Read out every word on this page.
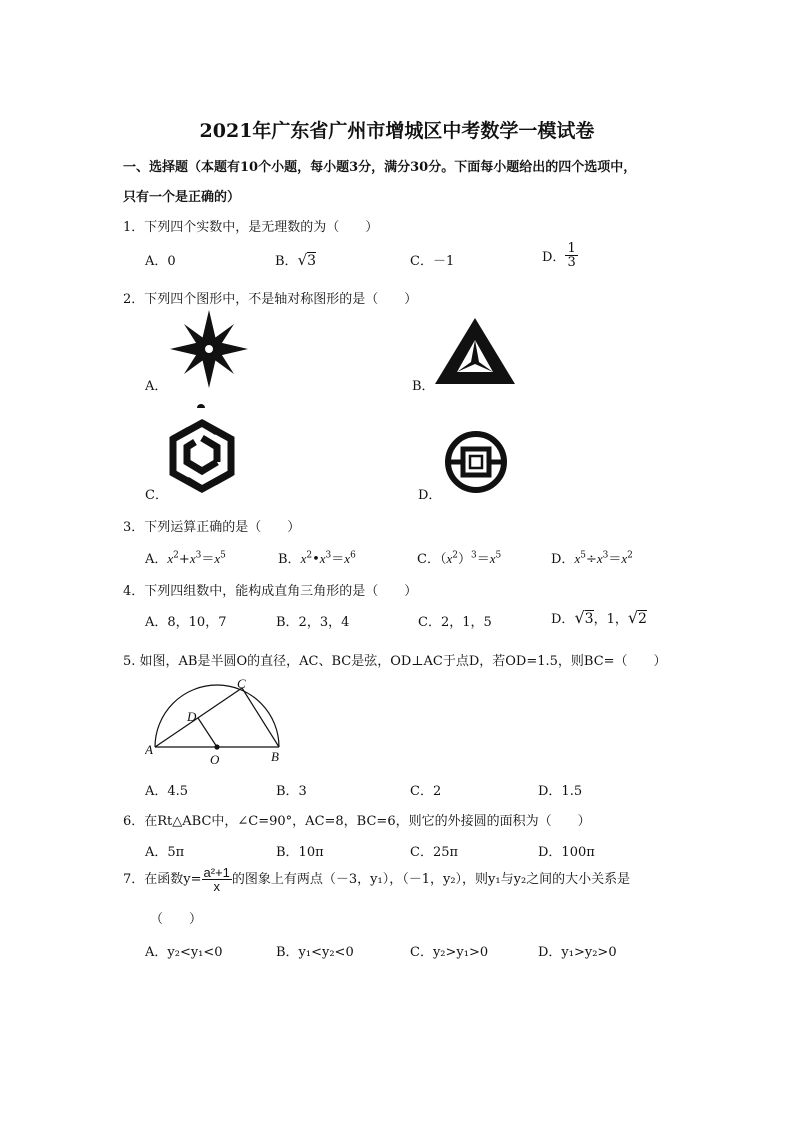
2021年广东省广州市增城区中考数学一模试卷
一、选择题（本题有10个小题，每小题3分，满分30分。下面每小题给出的四个选项中，
只有一个是正确的）
1．下列四个实数中，是无理数的为（　　）
A．0	B．√3	C．－1	D． $\frac{1}{3}$
2．下列四个图形中，不是轴对称图形的是（　　）
A．	B．
C．	D．
3．下列运算正确的是（　　）
A．$x^2+x^3=x^5$	B．$x^2•x^3=x^6$	C．$(x^2)^3=x^5$	D．$x^5\div x^3=x^2$
4．下列四组数中，能构成直角三角形的是（　　）
A．8，10，7	B．2，3，4	C．2，1，5	D．√3，1，√2
5. 如图，AB是半圆O的直径，AC、BC是弦，OD⊥AC于点D，若OD=1.5，则BC=（　　）
A	B
C
D
O
A．4.5	B．3	C．2	D．1.5
6．在Rt△ABC中，∠C=90°，AC=8，BC=6，则它的外接圆的面积为（　　）
A．5π	B．10π	C．25π	D．100π
7．在函数$y= \frac{\text{a²+1}}{x}$ 的图象上有两点（－3，y₁），（－1，y₂），则y₁与y₂之间的大小关系是
（　　）
A．y₂<y₁<0	B．y₁<y₂<0	C．y₂>y₁>0	D．y₁>y₂>0
